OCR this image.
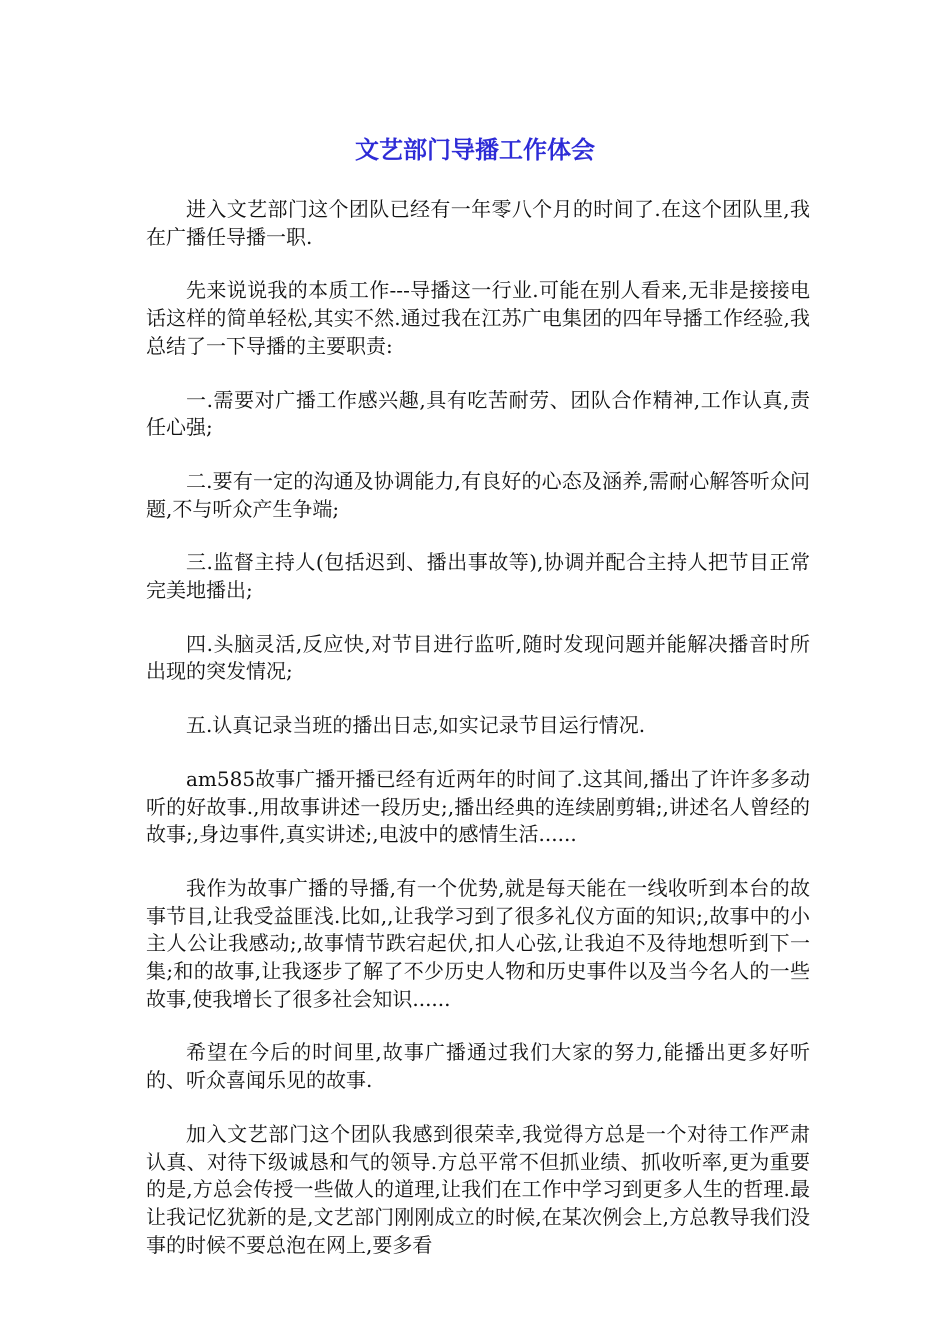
文艺部门导播工作体会

进入文艺部门这个团队已经有一年零八个月的时间了.在这个团队里,我在广播任导播一职.

先来说说我的本质工作---导播这一行业.可能在别人看来,无非是接接电话这样的简单轻松,其实不然.通过我在江苏广电集团的四年导播工作经验,我总结了一下导播的主要职责:

一.需要对广播工作感兴趣,具有吃苦耐劳、团队合作精神,工作认真,责任心强;

二.要有一定的沟通及协调能力,有良好的心态及涵养,需耐心解答听众问题,不与听众产生争端;

三.监督主持人(包括迟到、播出事故等),协调并配合主持人把节目正常完美地播出;

四.头脑灵活,反应快,对节目进行监听,随时发现问题并能解决播音时所出现的突发情况;

五.认真记录当班的播出日志,如实记录节目运行情况.

am585故事广播开播已经有近两年的时间了.这其间,播出了许许多多动听的好故事.,用故事讲述一段历史;,播出经典的连续剧剪辑;,讲述名人曾经的故事;,身边事件,真实讲述;,电波中的感情生活......

我作为故事广播的导播,有一个优势,就是每天能在一线收听到本台的故事节目,让我受益匪浅.比如,,让我学习到了很多礼仪方面的知识;,故事中的小主人公让我感动;,故事情节跌宕起伏,扣人心弦,让我迫不及待地想听到下一集;和的故事,让我逐步了解了不少历史人物和历史事件以及当今名人的一些故事,使我增长了很多社会知识......

希望在今后的时间里,故事广播通过我们大家的努力,能播出更多好听的、听众喜闻乐见的故事.

加入文艺部门这个团队我感到很荣幸,我觉得方总是一个对待工作严肃认真、对待下级诚恳和气的领导.方总平常不但抓业绩、抓收听率,更为重要的是,方总会传授一些做人的道理,让我们在工作中学习到更多人生的哲理.最让我记忆犹新的是,文艺部门刚刚成立的时候,在某次例会上,方总教导我们没事的时候不要总泡在网上,要多看
